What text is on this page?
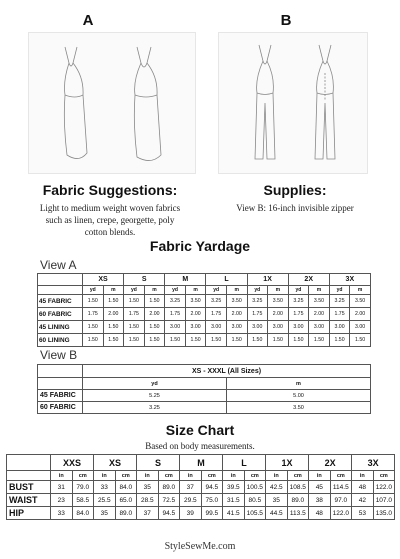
A	B
Fabric Suggestions:
Light to medium weight woven fabrics
such as linen, crepe, georgette, poly
cotton blends.
Supplies:
View B: 16-inch invisible zipper
Fabric Yardage
View A
	XS		S		M		L		1X		2X		3X	
	yd	m	yd	m	yd	m	yd	m	yd	m	yd	m	yd	m
45 FABRIC	1.50	1.50	1.50	1.50	3.25	3.50	3.25	3.50	3.25	3.50	3.25	3.50	3.25	3.50
60 FABRIC	1.75	2.00	1.75	2.00	1.75	2.00	1.75	2.00	1.75	2.00	1.75	2.00	1.75	2.00
45 LINING	1.50	1.50	1.50	1.50	3.00	3.00	3.00	3.00	3.00	3.00	3.00	3.00	3.00	3.00
60 LINING	1.50	1.50	1.50	1.50	1.50	1.50	1.50	1.50	1.50	1.50	1.50	1.50	1.50	1.50
View B
	XS - XXXL (All Sizes)	
	yd	m
45 FABRIC	5.25	5.00
60 FABRIC	3.25	3.50
Size Chart
Based on body measurements.
	XXS		XS		S		M		L		1X		2X		3X	
	in	cm	in	cm	in	cm	in	cm	in	cm	in	cm	in	cm	in	cm
BUST	31	79.0	33	84.0	35	89.0	37	94.5	39.5	100.5	42.5	108.5	45	114.5	48	122.0
WAIST	23	58.5	25.5	65.0	28.5	72.5	29.5	75.0	31.5	80.5	35	89.0	38	97.0	42	107.0
HIP	33	84.0	35	89.0	37	94.5	39	99.5	41.5	105.5	44.5	113.5	48	122.0	53	135.0
StyleSewMe.com
